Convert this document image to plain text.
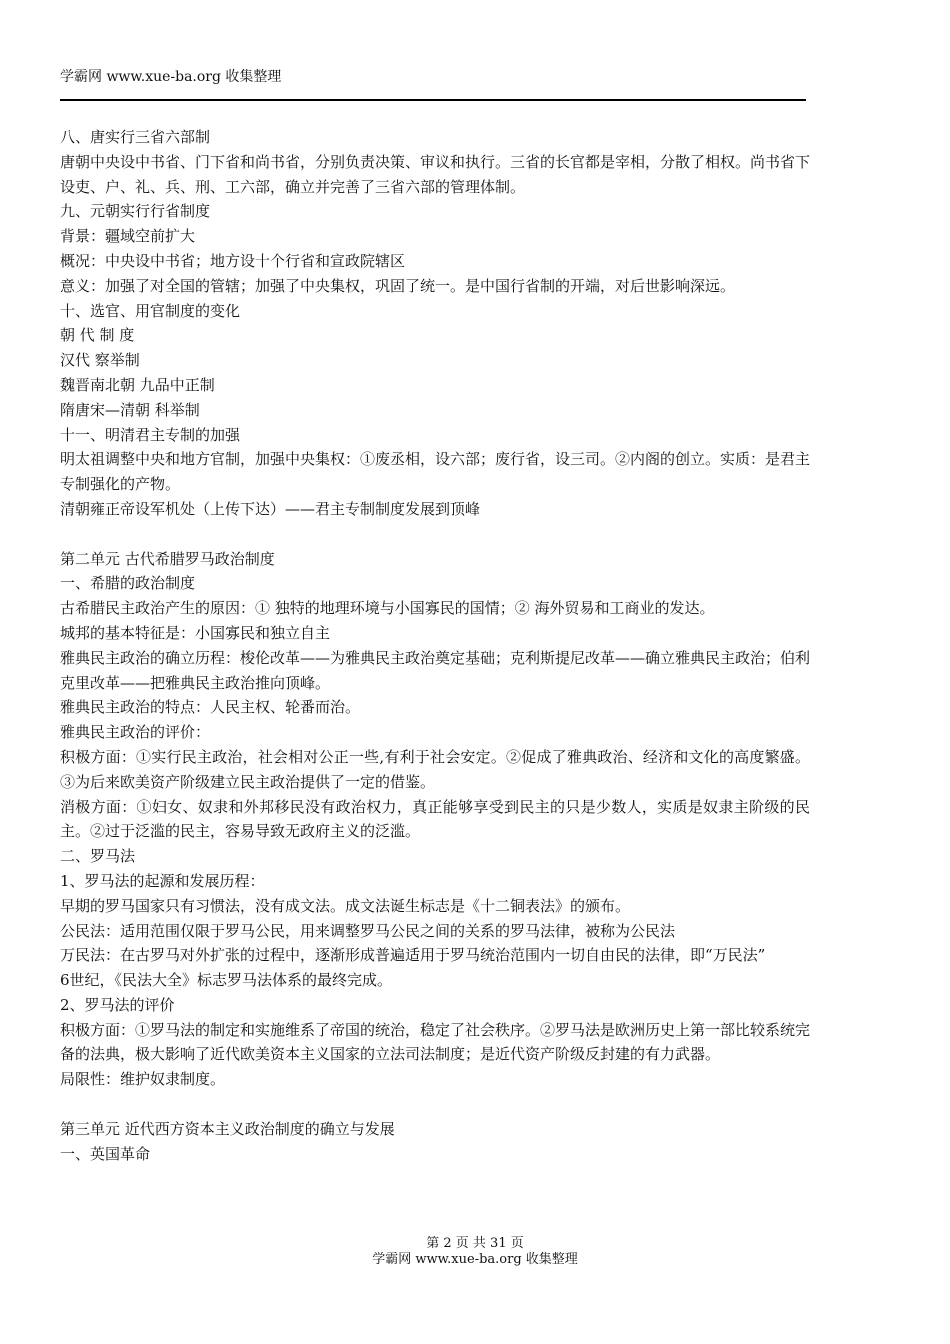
学霸网 www.xue-ba.org 收集整理

八、唐实行三省六部制

唐朝中央设中书省、门下省和尚书省，分别负责决策、审议和执行。三省的长官都是宰相，分散了相权。尚书省下设吏、户、礼、兵、刑、工六部，确立并完善了三省六部的管理体制。

九、元朝实行行省制度

背景：疆域空前扩大

概况：中央设中书省；地方设十个行省和宣政院辖区

意义：加强了对全国的管辖；加强了中央集权，巩固了统一。是中国行省制的开端，对后世影响深远。

十、选官、用官制度的变化

朝 代 制 度

汉代 察举制

魏晋南北朝 九品中正制

隋唐宋—清朝 科举制

十一、明清君主专制的加强

明太祖调整中央和地方官制，加强中央集权：①废丞相，设六部；废行省，设三司。②内阁的创立。实质：是君主专制强化的产物。

清朝雍正帝设军机处（上传下达）——君主专制制度发展到顶峰

第二单元 古代希腊罗马政治制度

一、希腊的政治制度

古希腊民主政治产生的原因：① 独特的地理环境与小国寡民的国情；② 海外贸易和工商业的发达。

城邦的基本特征是：小国寡民和独立自主

雅典民主政治的确立历程：梭伦改革——为雅典民主政治奠定基础；克利斯提尼改革——确立雅典民主政治；伯利克里改革——把雅典民主政治推向顶峰。

雅典民主政治的特点：人民主权、轮番而治。

雅典民主政治的评价：

积极方面：①实行民主政治，社会相对公正一些,有利于社会安定。②促成了雅典政治、经济和文化的高度繁盛。③为后来欧美资产阶级建立民主政治提供了一定的借鉴。

消极方面：①妇女、奴隶和外邦移民没有政治权力，真正能够享受到民主的只是少数人，实质是奴隶主阶级的民主。②过于泛滥的民主，容易导致无政府主义的泛滥。

二、罗马法

1、罗马法的起源和发展历程：

早期的罗马国家只有习惯法，没有成文法。成文法诞生标志是《十二铜表法》的颁布。

公民法：适用范围仅限于罗马公民，用来调整罗马公民之间的关系的罗马法律，被称为公民法

万民法：在古罗马对外扩张的过程中，逐渐形成普遍适用于罗马统治范围内一切自由民的法律，即“万民法”

6世纪，《民法大全》标志罗马法体系的最终完成。

2、罗马法的评价

积极方面：①罗马法的制定和实施维系了帝国的统治，稳定了社会秩序。②罗马法是欧洲历史上第一部比较系统完备的法典，极大影响了近代欧美资本主义国家的立法司法制度；是近代资产阶级反封建的有力武器。

局限性：维护奴隶制度。

第三单元 近代西方资本主义政治制度的确立与发展

一、英国革命

第 2 页 共 31 页
学霸网 www.xue-ba.org 收集整理
